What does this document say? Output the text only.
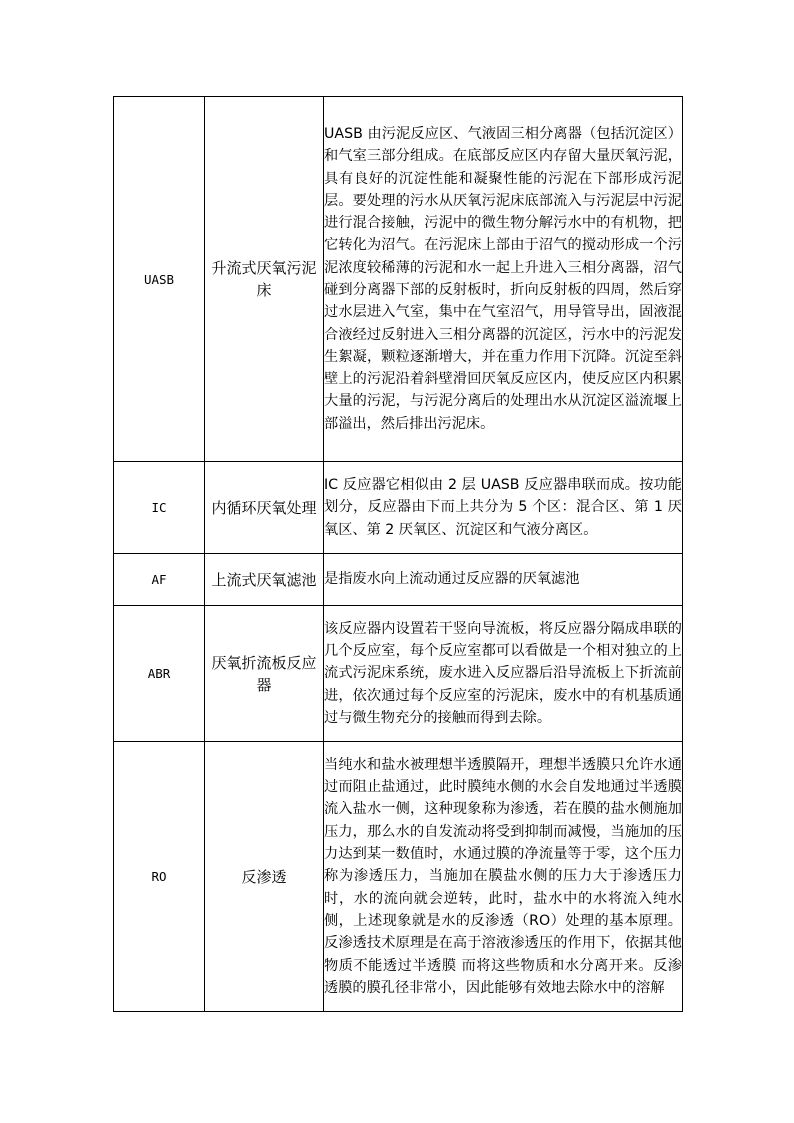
UASB	升流式厌氧污泥床	UASB 由污泥反应区、气液固三相分离器（包括沉淀区）和气室三部分组成。在底部反应区内存留大量厌氧污泥，具有良好的沉淀性能和凝聚性能的污泥在下部形成污泥层。要处理的污水从厌氧污泥床底部流入与污泥层中污泥进行混合接触，污泥中的微生物分解污水中的有机物，把它转化为沼气。在污泥床上部由于沼气的搅动形成一个污泥浓度较稀薄的污泥和水一起上升进入三相分离器，沼气碰到分离器下部的反射板时，折向反射板的四周，然后穿过水层进入气室，集中在气室沼气，用导管导出，固液混合液经过反射进入三相分离器的沉淀区，污水中的污泥发生絮凝，颗粒逐渐增大，并在重力作用下沉降。沉淀至斜壁上的污泥沿着斜壁滑回厌氧反应区内，使反应区内积累大量的污泥，与污泥分离后的处理出水从沉淀区溢流堰上部溢出，然后排出污泥床。
IC	内循环厌氧处理	IC 反应器它相似由 2 层 UASB 反应器串联而成。按功能划分，反应器由下而上共分为 5 个区：混合区、第 1 厌氧区、第 2 厌氧区、沉淀区和气液分离区。
AF	上流式厌氧滤池	是指废水向上流动通过反应器的厌氧滤池
ABR	厌氧折流板反应器	该反应器内设置若干竖向导流板，将反应器分隔成串联的几个反应室，每个反应室都可以看做是一个相对独立的上流式污泥床系统，废水进入反应器后沿导流板上下折流前进，依次通过每个反应室的污泥床，废水中的有机基质通过与微生物充分的接触而得到去除。
RO	反渗透	当纯水和盐水被理想半透膜隔开，理想半透膜只允许水通过而阻止盐通过，此时膜纯水侧的水会自发地通过半透膜流入盐水一侧，这种现象称为渗透，若在膜的盐水侧施加压力，那么水的自发流动将受到抑制而减慢，当施加的压力达到某一数值时，水通过膜的净流量等于零，这个压力称为渗透压力，当施加在膜盐水侧的压力大于渗透压力时，水的流向就会逆转，此时，盐水中的水将流入纯水侧，上述现象就是水的反渗透（RO）处理的基本原理。反渗透技术原理是在高于溶液渗透压的作用下，依据其他物质不能透过半透膜 而将这些物质和水分离开来。反渗透膜的膜孔径非常小，因此能够有效地去除水中的溶解
